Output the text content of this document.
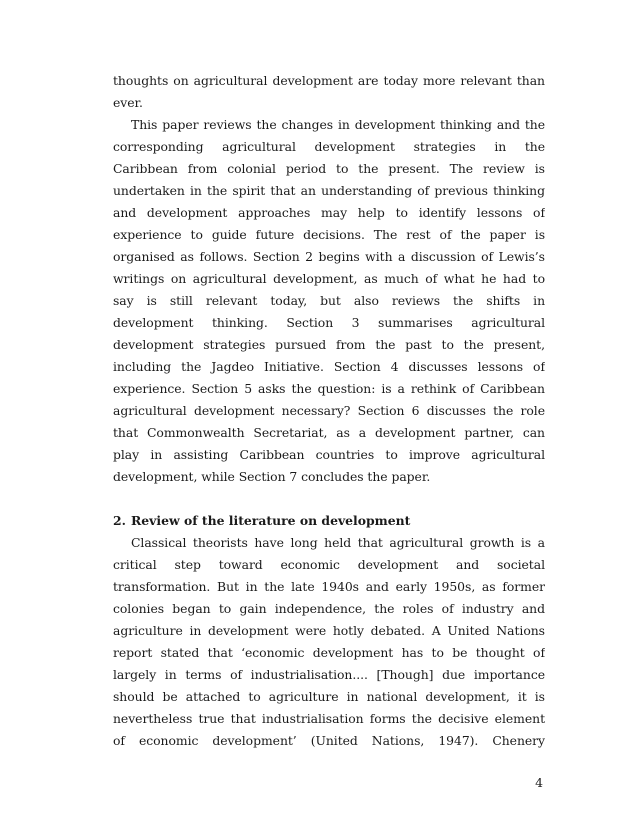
thoughts on agricultural development are today more relevant than
ever.
This paper reviews the changes in development thinking and the
corresponding agricultural development strategies in the
Caribbean from colonial period to the present. The review is
undertaken in the spirit that an understanding of previous thinking
and development approaches may help to identify lessons of
experience to guide future decisions. The rest of the paper is
organised as follows. Section 2 begins with a discussion of Lewis’s
writings on agricultural development, as much of what he had to
say is still relevant today, but also reviews the shifts in
development thinking. Section 3 summarises agricultural
development strategies pursued from the past to the present,
including the Jagdeo Initiative. Section 4 discusses lessons of
experience. Section 5 asks the question: is a rethink of Caribbean
agricultural development necessary? Section 6 discusses the role
that Commonwealth Secretariat, as a development partner, can
play in assisting Caribbean countries to improve agricultural
development, while Section 7 concludes the paper.
2. Review of the literature on development
Classical theorists have long held that agricultural growth is a
critical step toward economic development and societal
transformation. But in the late 1940s and early 1950s, as former
colonies began to gain independence, the roles of industry and
agriculture in development were hotly debated. A United Nations
report stated that ‘economic development has to be thought of
largely in terms of industrialisation.... [Though] due importance
should be attached to agriculture in national development, it is
nevertheless true that industrialisation forms the decisive element
of economic development’ (United Nations, 1947). Chenery
4
